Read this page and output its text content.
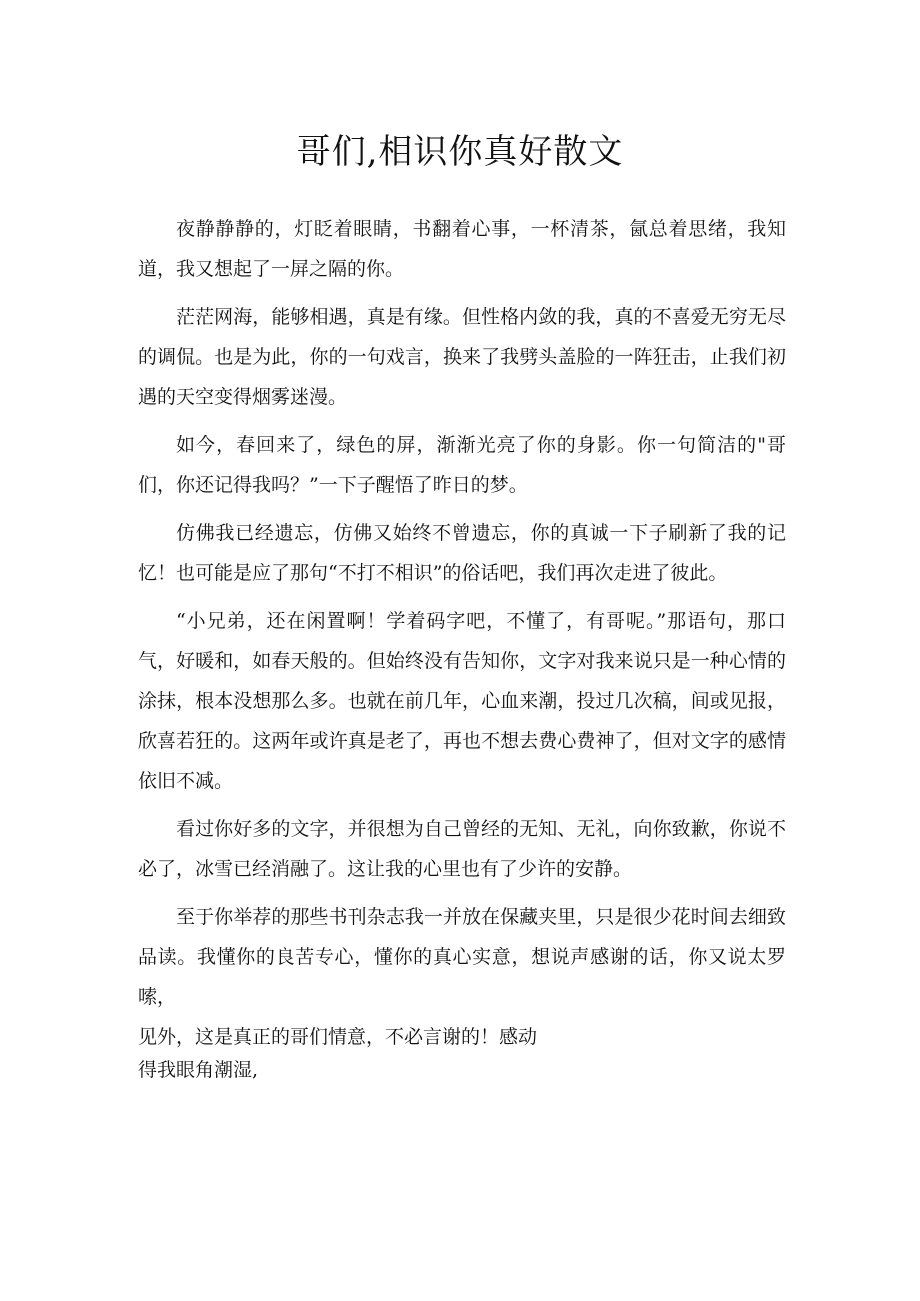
哥们,相识你真好散文

夜静静静的，灯眨着眼睛，书翻着心事，一杯清茶，氤总着思绪，我知道，我又想起了一屏之隔的你。

茫茫网海，能够相遇，真是有缘。但性格内敛的我，真的不喜爱无穷无尽的调侃。也是为此，你的一句戏言，换来了我劈头盖脸的一阵狂击，止我们初遇的天空变得烟雾迷漫。

如今，春回来了，绿色的屏，渐渐光亮了你的身影。你一句简洁的"哥们，你还记得我吗？”一下子醒悟了昨日的梦。

仿佛我已经遗忘，仿佛又始终不曾遗忘，你的真诚一下子刷新了我的记忆！也可能是应了那句“不打不相识”的俗话吧，我们再次走进了彼此。

“小兄弟，还在闲置啊！学着码字吧，不懂了，有哥呢。”那语句，那口气，好暖和，如春天般的。但始终没有告知你，文字对我来说只是一种心情的涂抹，根本没想那么多。也就在前几年，心血来潮，投过几次稿，间或见报，欣喜若狂的。这两年或许真是老了，再也不想去费心费神了，但对文字的感情依旧不减。

看过你好多的文字，并很想为自己曾经的无知、无礼，向你致歉，你说不必了，冰雪已经消融了。这让我的心里也有了少许的安静。

至于你举荐的那些书刊杂志我一并放在保藏夹里，只是很少花时间去细致品读。我懂你的良苦专心，懂你的真心实意，想说声感谢的话，你又说太罗嗦，

见外，这是真正的哥们情意，不必言谢的！感动
得我眼角潮湿,
